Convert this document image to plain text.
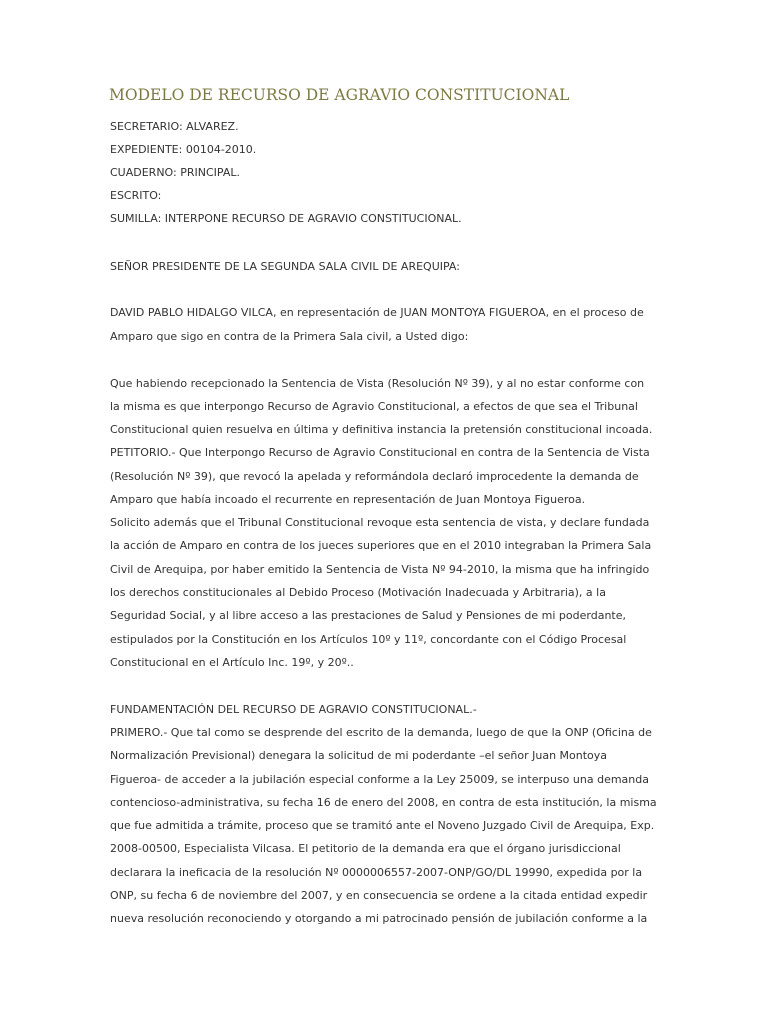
MODELO DE RECURSO DE AGRAVIO CONSTITUCIONAL

SECRETARIO: ALVAREZ.

EXPEDIENTE: 00104-2010.

CUADERNO: PRINCIPAL.

ESCRITO:

SUMILLA: INTERPONE RECURSO DE AGRAVIO CONSTITUCIONAL.

SEÑOR PRESIDENTE DE LA SEGUNDA SALA CIVIL DE AREQUIPA:

DAVID PABLO HIDALGO VILCA, en representación de JUAN MONTOYA FIGUEROA, en el proceso de

Amparo que sigo en contra de la Primera Sala civil, a Usted digo:

Que habiendo recepcionado la Sentencia de Vista (Resolución Nº 39), y al no estar conforme con

la misma es que interpongo Recurso de Agravio Constitucional, a efectos de que sea el Tribunal

Constitucional quien resuelva en última y definitiva instancia la pretensión constitucional incoada.

PETITORIO.- Que Interpongo Recurso de Agravio Constitucional en contra de la Sentencia de Vista

(Resolución Nº 39), que revocó la apelada y reformándola declaró improcedente la demanda de

Amparo que había incoado el recurrente en representación de Juan Montoya Figueroa.

Solicito además que el Tribunal Constitucional revoque esta sentencia de vista, y declare fundada

la acción de Amparo en contra de los jueces superiores que en el 2010 integraban la Primera Sala

Civil de Arequipa, por haber emitido la Sentencia de Vista Nº 94-2010, la misma que ha infringido

los derechos constitucionales al Debido Proceso (Motivación Inadecuada y Arbitraria), a la

Seguridad Social, y al libre acceso a las prestaciones de Salud y Pensiones de mi poderdante,

estipulados por la Constitución en los Artículos 10º y 11º, concordante con el Código Procesal

Constitucional en el Artículo Inc. 19º, y 20º..

FUNDAMENTACIÓN DEL RECURSO DE AGRAVIO CONSTITUCIONAL.-

PRIMERO.- Que tal como se desprende del escrito de la demanda, luego de que la ONP (Oficina de

Normalización Previsional) denegara la solicitud de mi poderdante –el señor Juan Montoya

Figueroa- de acceder a la jubilación especial conforme a la Ley 25009, se interpuso una demanda

contencioso-administrativa, su fecha 16 de enero del 2008, en contra de esta institución, la misma

que fue admitida a trámite, proceso que se tramitó ante el Noveno Juzgado Civil de Arequipa, Exp.

2008-00500, Especialista Vilcasa. El petitorio de la demanda era que el órgano jurisdiccional

declarara la ineficacia de la resolución Nº 0000006557-2007-ONP/GO/DL 19990, expedida por la

ONP, su fecha 6 de noviembre del 2007, y en consecuencia se ordene a la citada entidad expedir

nueva resolución reconociendo y otorgando a mi patrocinado pensión de jubilación conforme a la
